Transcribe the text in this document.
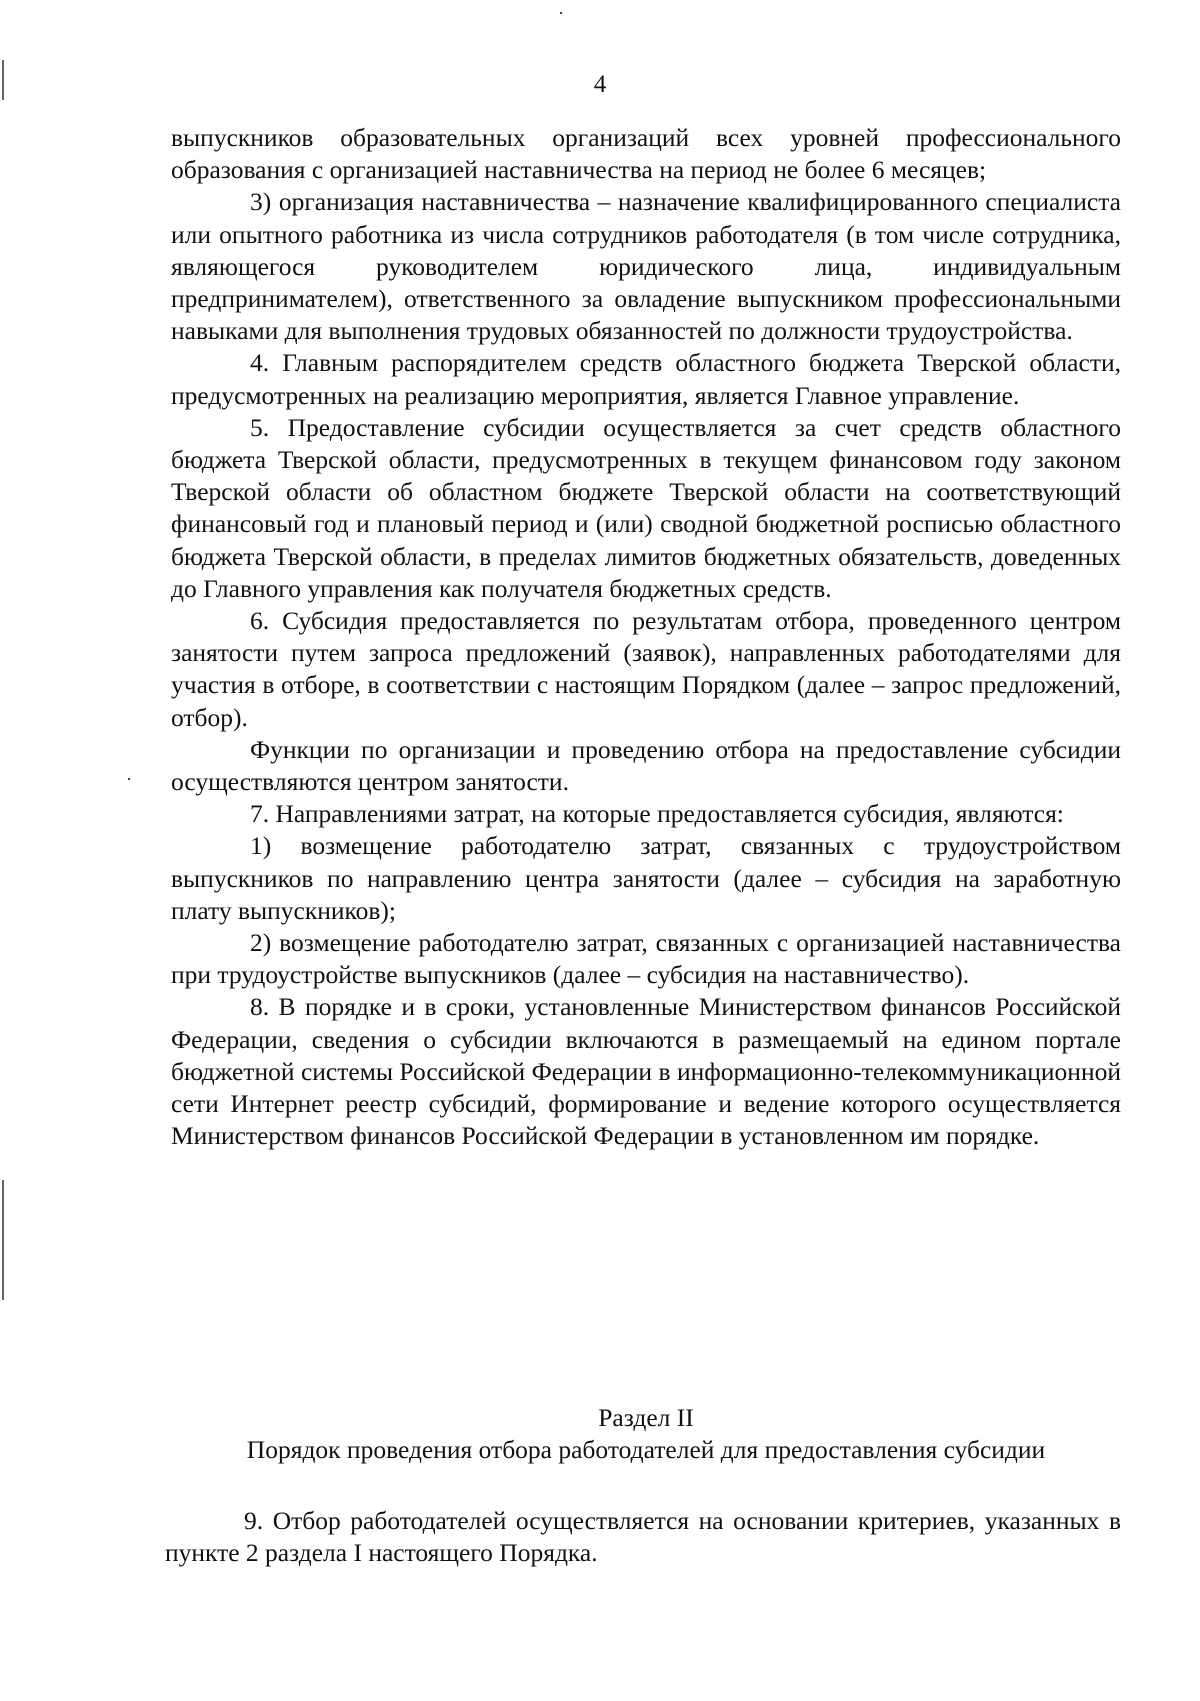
4

выпускников образовательных организаций всех уровней профессионального образования с организацией наставничества на период не более 6 месяцев;

3) организация наставничества – назначение квалифицированного специалиста или опытного работника из числа сотрудников работодателя (в том числе сотрудника, являющегося руководителем юридического лица, индивидуальным предпринимателем), ответственного за овладение выпускником профессиональными навыками для выполнения трудовых обязанностей по должности трудоустройства.

4. Главным распорядителем средств областного бюджета Тверской области, предусмотренных на реализацию мероприятия, является Главное управление.

5. Предоставление субсидии осуществляется за счет средств областного бюджета Тверской области, предусмотренных в текущем финансовом году законом Тверской области об областном бюджете Тверской области на соответствующий финансовый год и плановый период и (или) сводной бюджетной росписью областного бюджета Тверской области, в пределах лимитов бюджетных обязательств, доведенных до Главного управления как получателя бюджетных средств.

6. Субсидия предоставляется по результатам отбора, проведенного центром занятости путем запроса предложений (заявок), направленных работодателями для участия в отборе, в соответствии с настоящим Порядком (далее – запрос предложений, отбор).

Функции по организации и проведению отбора на предоставление субсидии осуществляются центром занятости.

7. Направлениями затрат, на которые предоставляется субсидия, являются:

1) возмещение работодателю затрат, связанных с трудоустройством выпускников по направлению центра занятости (далее – субсидия на заработную плату выпускников);

2) возмещение работодателю затрат, связанных с организацией наставничества при трудоустройстве выпускников (далее – субсидия на наставничество).

8. В порядке и в сроки, установленные Министерством финансов Российской Федерации, сведения о субсидии включаются в размещаемый на едином портале бюджетной системы Российской Федерации в информационно-телекоммуникационной сети Интернет реестр субсидий, формирование и ведение которого осуществляется Министерством финансов Российской Федерации в установленном им порядке.

Раздел II

Порядок проведения отбора работодателей для предоставления субсидии

9. Отбор работодателей осуществляется на основании критериев, указанных в пункте 2 раздела I настоящего Порядка.
